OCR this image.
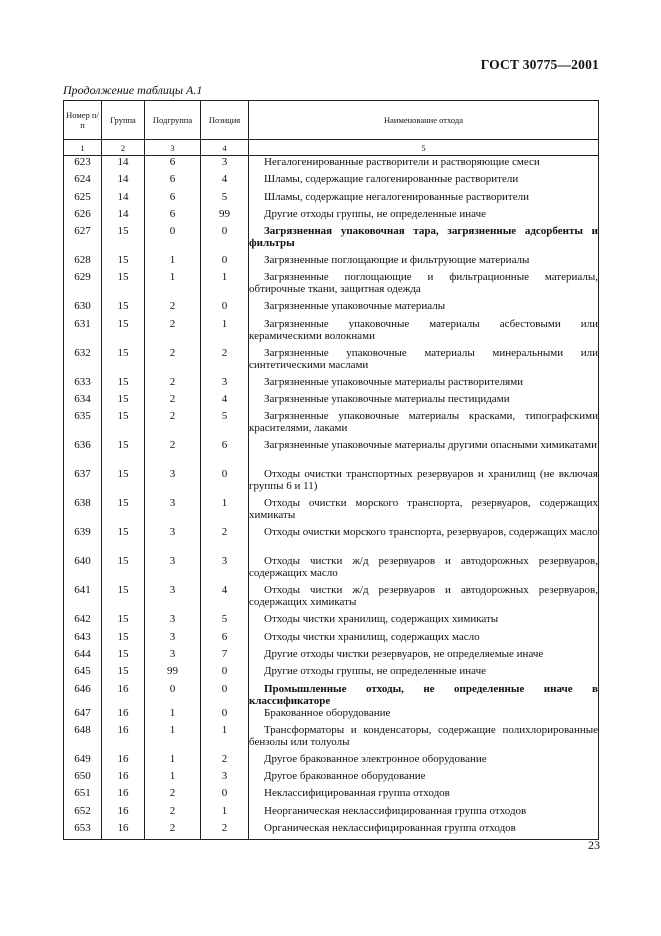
ГОСТ 30775—2001
Продолжение таблицы А.1
Номер п/п	Группа	Подгруппа	Позиция	Наименование отхода
1	2	3	4	5
623	14	6	3	Негалогенированные растворители и растворяющие смеси

624	14	6	4	Шламы, содержащие галогенированные растворители

625	14	6	5	Шламы, содержащие негалогенированные растворители

626	14	6	99	Другие отходы группы, не определенные иначе

627	15	0	0	Загрязненная упаковочная тара, загрязненные адсорбенты и фильтры

628	15	1	0	Загрязненные поглощающие и фильтрующие материалы

629	15	1	1	Загрязненные поглощающие и фильтрационные материалы, обтирочные ткани, защитная одежда

630	15	2	0	Загрязненные упаковочные материалы

631	15	2	1	Загрязненные упаковочные материалы асбестовыми или керамическими волокнами

632	15	2	2	Загрязненные упаковочные материалы минеральными или синтетическими маслами

633	15	2	3	Загрязненные упаковочные материалы растворителями

634	15	2	4	Загрязненные упаковочные материалы пестицидами

635	15	2	5	Загрязненные упаковочные материалы красками, типографскими красителями, лаками

636	15	2	6	Загрязненные упаковочные материалы другими опасными химикатами

637	15	3	0	Отходы очистки транспортных резервуаров и хранилищ (не включая группы 6 и 11)

638	15	3	1	Отходы очистки морского транспорта, резервуаров, содержащих химикаты

639	15	3	2	Отходы очистки морского транспорта, резервуаров, содержащих масло

640	15	3	3	Отходы чистки ж/д резервуаров и автодорожных резервуаров, содержащих масло

641	15	3	4	Отходы чистки ж/д резервуаров и автодорожных резервуаров, содержащих химикаты

642	15	3	5	Отходы чистки хранилищ, содержащих химикаты

643	15	3	6	Отходы чистки хранилищ, содержащих масло

644	15	3	7	Другие отходы чистки резервуаров, не определяемые иначе

645	15	99	0	Другие отходы группы, не определенные иначе

646	16	0	0	Промышленные отходы, не определенные иначе в классификаторе

647	16	1	0	Бракованное оборудование

648	16	1	1	Трансформаторы и конденсаторы, содержащие полихлорированные бензолы или толуолы

649	16	1	2	Другое бракованное электронное оборудование

650	16	1	3	Другое бракованное оборудование

651	16	2	0	Неклассифицированная группа отходов

652	16	2	1	Неорганическая неклассифицированная группа отходов

653	16	2	2	Органическая неклассифицированная группа отходов
23
